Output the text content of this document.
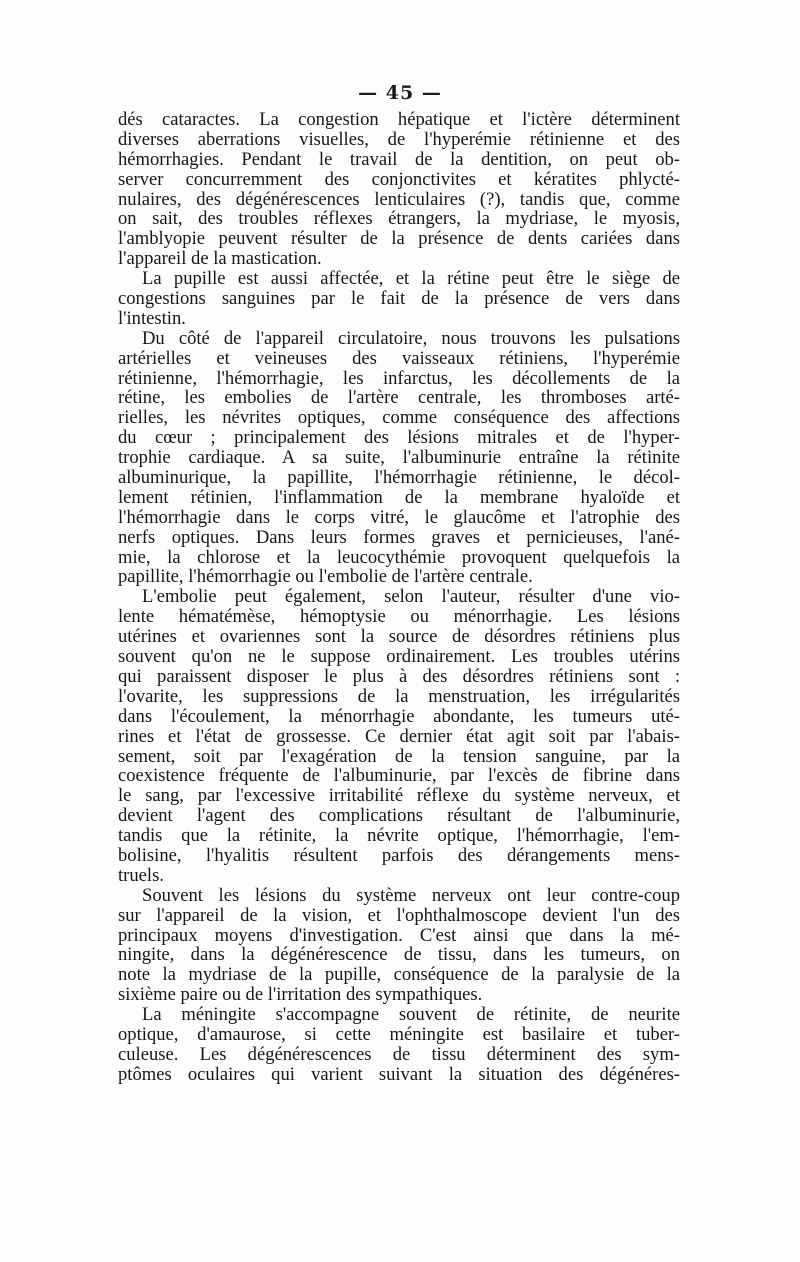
— 45 —
dés cataractes. La congestion hépatique et l'ictère déterminent
diverses aberrations visuelles, de l'hyperémie rétinienne et des
hémorrhagies. Pendant le travail de la dentition, on peut ob-
server concurremment des conjonctivites et kératites phlycté-
nulaires, des dégénérescences lenticulaires (?), tandis que, comme
on sait, des troubles réflexes étrangers, la mydriase, le myosis,
l'amblyopie peuvent résulter de la présence de dents cariées dans
l'appareil de la mastication.
La pupille est aussi affectée, et la rétine peut être le siège de
congestions sanguines par le fait de la présence de vers dans
l'intestin.
Du côté de l'appareil circulatoire, nous trouvons les pulsations
artérielles et veineuses des vaisseaux rétiniens, l'hyperémie
rétinienne, l'hémorrhagie, les infarctus, les décollements de la
rétine, les embolies de l'artère centrale, les thromboses arté-
rielles, les névrites optiques, comme conséquence des affections
du cœur ; principalement des lésions mitrales et de l'hyper-
trophie cardiaque. A sa suite, l'albuminurie entraîne la rétinite
albuminurique, la papillite, l'hémorrhagie rétinienne, le décol-
lement rétinien, l'inflammation de la membrane hyaloïde et
l'hémorrhagie dans le corps vitré, le glaucôme et l'atrophie des
nerfs optiques. Dans leurs formes graves et pernicieuses, l'ané-
mie, la chlorose et la leucocythémie provoquent quelquefois la
papillite, l'hémorrhagie ou l'embolie de l'artère centrale.
L'embolie peut également, selon l'auteur, résulter d'une vio-
lente hématémèse, hémoptysie ou ménorrhagie. Les lésions
utérines et ovariennes sont la source de désordres rétiniens plus
souvent qu'on ne le suppose ordinairement. Les troubles utérins
qui paraissent disposer le plus à des désordres rétiniens sont :
l'ovarite, les suppressions de la menstruation, les irrégularités
dans l'écoulement, la ménorrhagie abondante, les tumeurs uté-
rines et l'état de grossesse. Ce dernier état agit soit par l'abais-
sement, soit par l'exagération de la tension sanguine, par la
coexistence fréquente de l'albuminurie, par l'excès de fibrine dans
le sang, par l'excessive irritabilité réflexe du système nerveux, et
devient l'agent des complications résultant de l'albuminurie,
tandis que la rétinite, la névrite optique, l'hémorrhagie, l'em-
bolisine, l'hyalitis résultent parfois des dérangements mens-
truels.
Souvent les lésions du système nerveux ont leur contre-coup
sur l'appareil de la vision, et l'ophthalmoscope devient l'un des
principaux moyens d'investigation. C'est ainsi que dans la mé-
ningite, dans la dégénérescence de tissu, dans les tumeurs, on
note la mydriase de la pupille, conséquence de la paralysie de la
sixième paire ou de l'irritation des sympathiques.
La méningite s'accompagne souvent de rétinite, de neurite
optique, d'amaurose, si cette méningite est basilaire et tuber-
culeuse. Les dégénérescences de tissu déterminent des sym-
ptômes oculaires qui varient suivant la situation des dégénéres-
